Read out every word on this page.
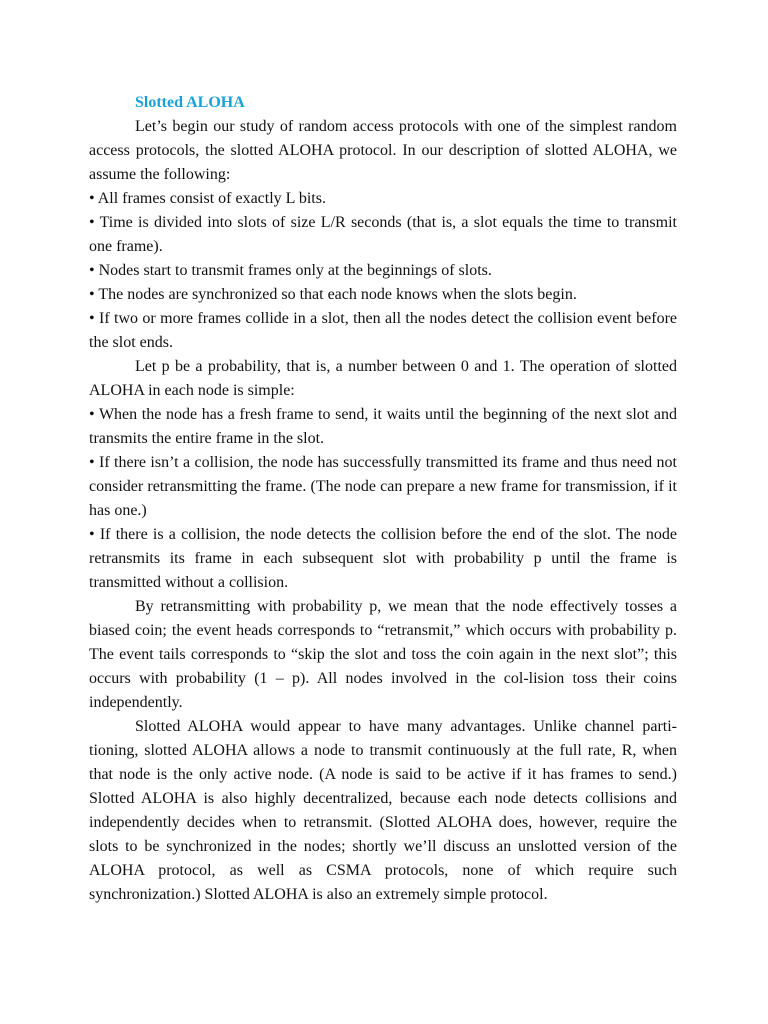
Slotted ALOHA

Let’s begin our study of random access protocols with one of the simplest random access protocols, the slotted ALOHA protocol. In our description of slotted ALOHA, we assume the following:

• All frames consist of exactly L bits.

• Time is divided into slots of size L/R seconds (that is, a slot equals the time to transmit one frame).

• Nodes start to transmit frames only at the beginnings of slots.

• The nodes are synchronized so that each node knows when the slots begin.

• If two or more frames collide in a slot, then all the nodes detect the collision event before the slot ends.

Let p be a probability, that is, a number between 0 and 1. The operation of slotted ALOHA in each node is simple:

• When the node has a fresh frame to send, it waits until the beginning of the next slot and transmits the entire frame in the slot.

• If there isn’t a collision, the node has successfully transmitted its frame and thus need not consider retransmitting the frame. (The node can prepare a new frame for transmission, if it has one.)

• If there is a collision, the node detects the collision before the end of the slot. The node retransmits its frame in each subsequent slot with probability p until the frame is transmitted without a collision.

By retransmitting with probability p, we mean that the node effectively tosses a biased coin; the event heads corresponds to “retransmit,” which occurs with probability p. The event tails corresponds to “skip the slot and toss the coin again in the next slot”; this occurs with probability (1 – p). All nodes involved in the col-lision toss their coins independently.

Slotted ALOHA would appear to have many advantages. Unlike channel parti-tioning, slotted ALOHA allows a node to transmit continuously at the full rate, R, when that node is the only active node. (A node is said to be active if it has frames to send.) Slotted ALOHA is also highly decentralized, because each node detects collisions and independently decides when to retransmit. (Slotted ALOHA does, however, require the slots to be synchronized in the nodes; shortly we’ll discuss an unslotted version of the ALOHA protocol, as well as CSMA protocols, none of which require such synchronization.) Slotted ALOHA is also an extremely simple protocol.
